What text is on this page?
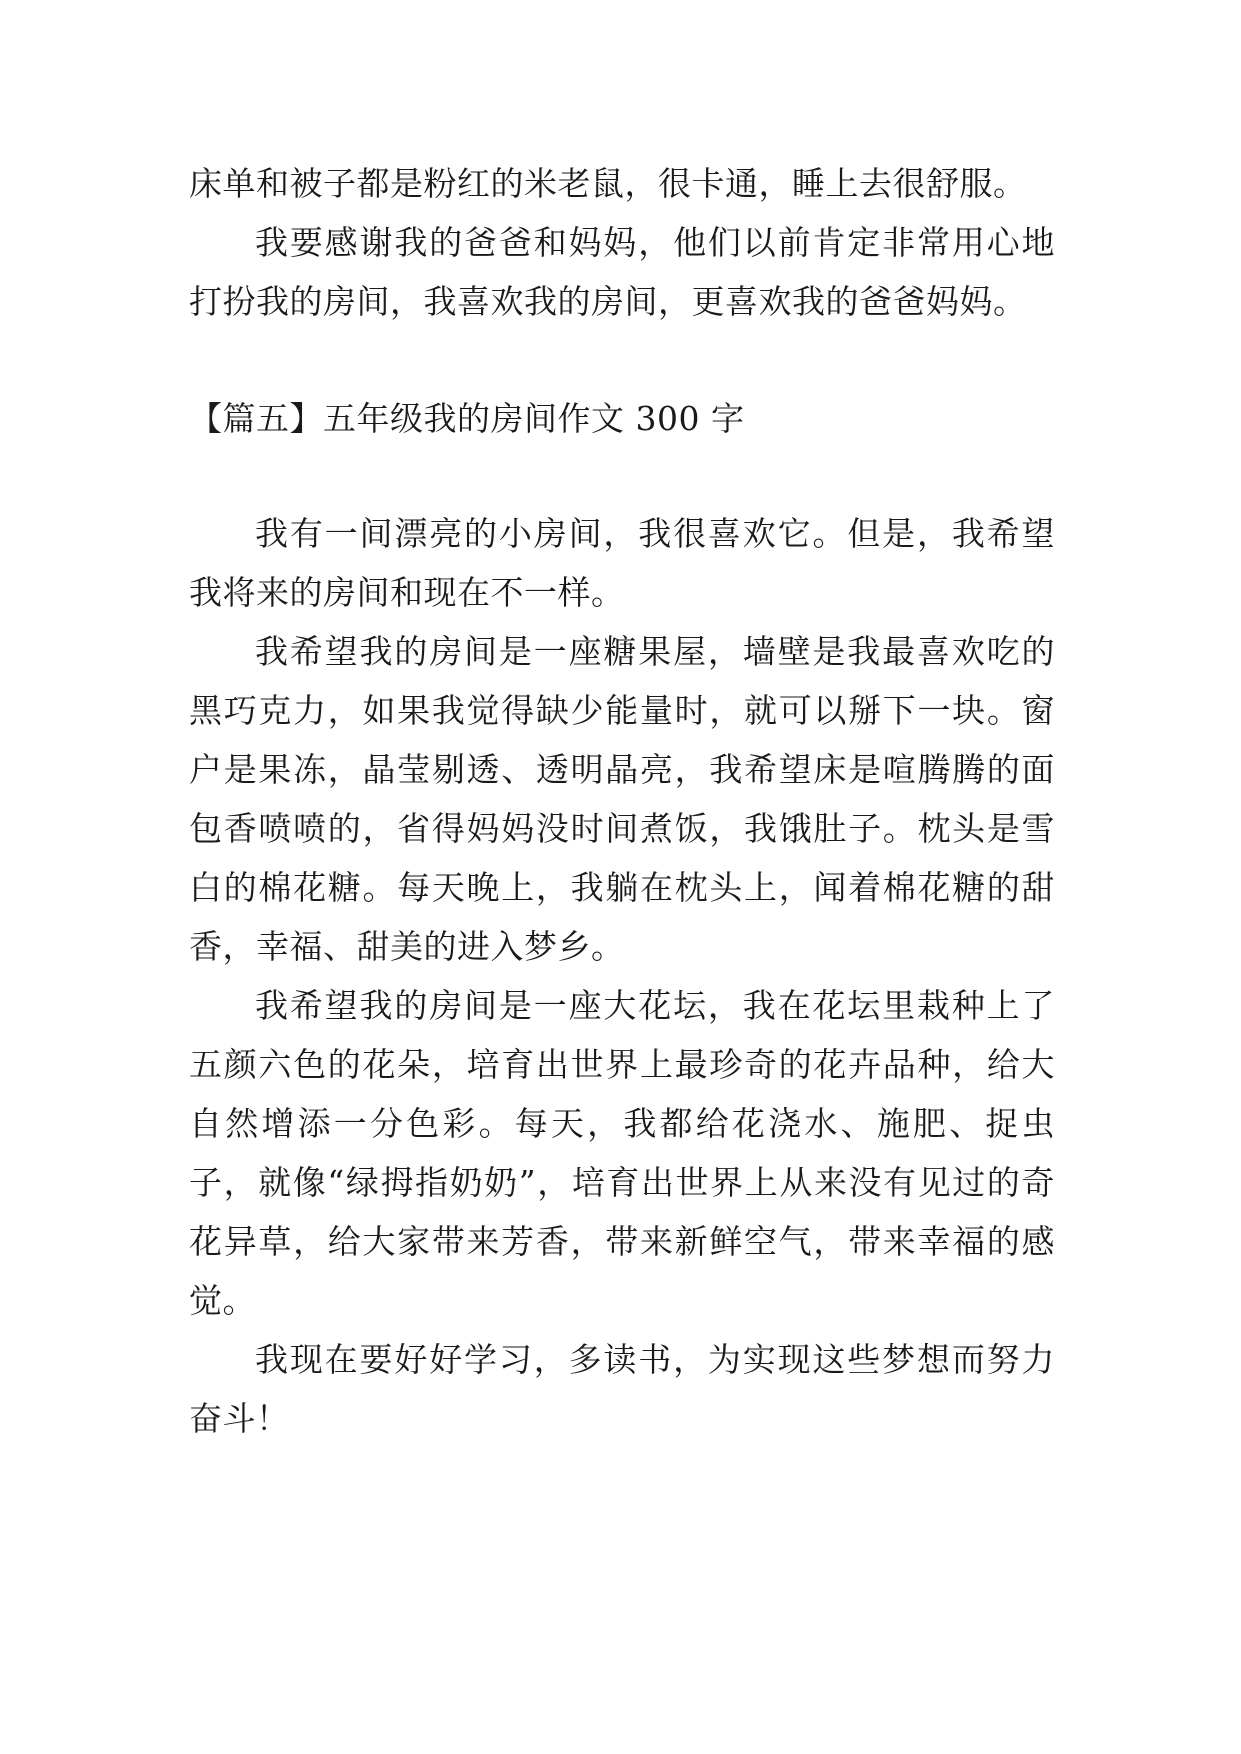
床单和被子都是粉红的米老鼠，很卡通，睡上去很舒服。

我要感谢我的爸爸和妈妈，他们以前肯定非常用心地打扮我的房间，我喜欢我的房间，更喜欢我的爸爸妈妈。

【篇五】五年级我的房间作文 300 字

我有一间漂亮的小房间，我很喜欢它。但是，我希望我将来的房间和现在不一样。

我希望我的房间是一座糖果屋，墙壁是我最喜欢吃的黑巧克力，如果我觉得缺少能量时，就可以掰下一块。窗户是果冻，晶莹剔透、透明晶亮，我希望床是喧腾腾的面包香喷喷的，省得妈妈没时间煮饭，我饿肚子。枕头是雪白的棉花糖。每天晚上，我躺在枕头上，闻着棉花糖的甜香，幸福、甜美的进入梦乡。

我希望我的房间是一座大花坛，我在花坛里栽种上了五颜六色的花朵，培育出世界上最珍奇的花卉品种，给大自然增添一分色彩。每天，我都给花浇水、施肥、捉虫子，就像“绿拇指奶奶”，培育出世界上从来没有见过的奇花异草，给大家带来芳香，带来新鲜空气，带来幸福的感觉。

我现在要好好学习，多读书，为实现这些梦想而努力奋斗！
